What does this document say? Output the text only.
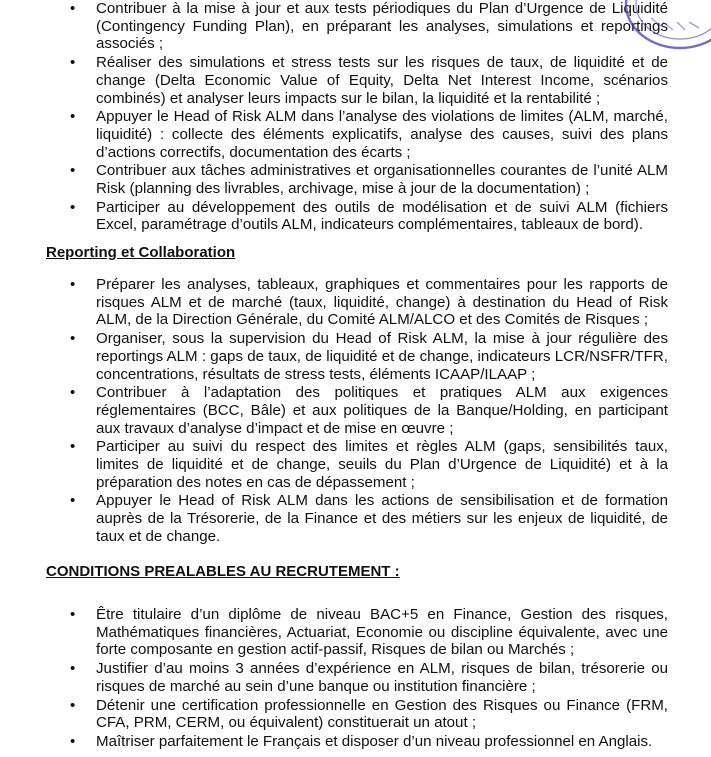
• Contribuer à la mise à jour et aux tests périodiques du Plan d’Urgence de Liquidité (Contingency Funding Plan), en préparant les analyses, simulations et reportings associés ;
• Réaliser des simulations et stress tests sur les risques de taux, de liquidité et de change (Delta Economic Value of Equity, Delta Net Interest Income, scénarios combinés) et analyser leurs impacts sur le bilan, la liquidité et la rentabilité ;
• Appuyer le Head of Risk ALM dans l’analyse des violations de limites (ALM, marché, liquidité) : collecte des éléments explicatifs, analyse des causes, suivi des plans d’actions correctifs, documentation des écarts ;
• Contribuer aux tâches administratives et organisationnelles courantes de l’unité ALM Risk (planning des livrables, archivage, mise à jour de la documentation) ;
• Participer au développement des outils de modélisation et de suivi ALM (fichiers Excel, paramétrage d’outils ALM, indicateurs complémentaires, tableaux de bord).
Reporting et Collaboration
• Préparer les analyses, tableaux, graphiques et commentaires pour les rapports de risques ALM et de marché (taux, liquidité, change) à destination du Head of Risk ALM, de la Direction Générale, du Comité ALM/ALCO et des Comités de Risques ;
• Organiser, sous la supervision du Head of Risk ALM, la mise à jour régulière des reportings ALM : gaps de taux, de liquidité et de change, indicateurs LCR/NSFR/TFR, concentrations, résultats de stress tests, éléments ICAAP/ILAAP ;
• Contribuer à l’adaptation des politiques et pratiques ALM aux exigences réglementaires (BCC, Bâle) et aux politiques de la Banque/Holding, en participant aux travaux d’analyse d’impact et de mise en œuvre ;
• Participer au suivi du respect des limites et règles ALM (gaps, sensibilités taux, limites de liquidité et de change, seuils du Plan d’Urgence de Liquidité) et à la préparation des notes en cas de dépassement ;
• Appuyer le Head of Risk ALM dans les actions de sensibilisation et de formation auprès de la Trésorerie, de la Finance et des métiers sur les enjeux de liquidité, de taux et de change.
CONDITIONS PREALABLES AU RECRUTEMENT :
• Être titulaire d’un diplôme de niveau BAC+5 en Finance, Gestion des risques, Mathématiques financières, Actuariat, Economie ou discipline équivalente, avec une forte composante en gestion actif-passif, Risques de bilan ou Marchés ;
• Justifier d’au moins 3 années d’expérience en ALM, risques de bilan, trésorerie ou risques de marché au sein d’une banque ou institution financière ;
• Détenir une certification professionnelle en Gestion des Risques ou Finance (FRM, CFA, PRM, CERM, ou équivalent) constituerait un atout ;
• Maîtriser parfaitement le Français et disposer d’un niveau professionnel en Anglais.
